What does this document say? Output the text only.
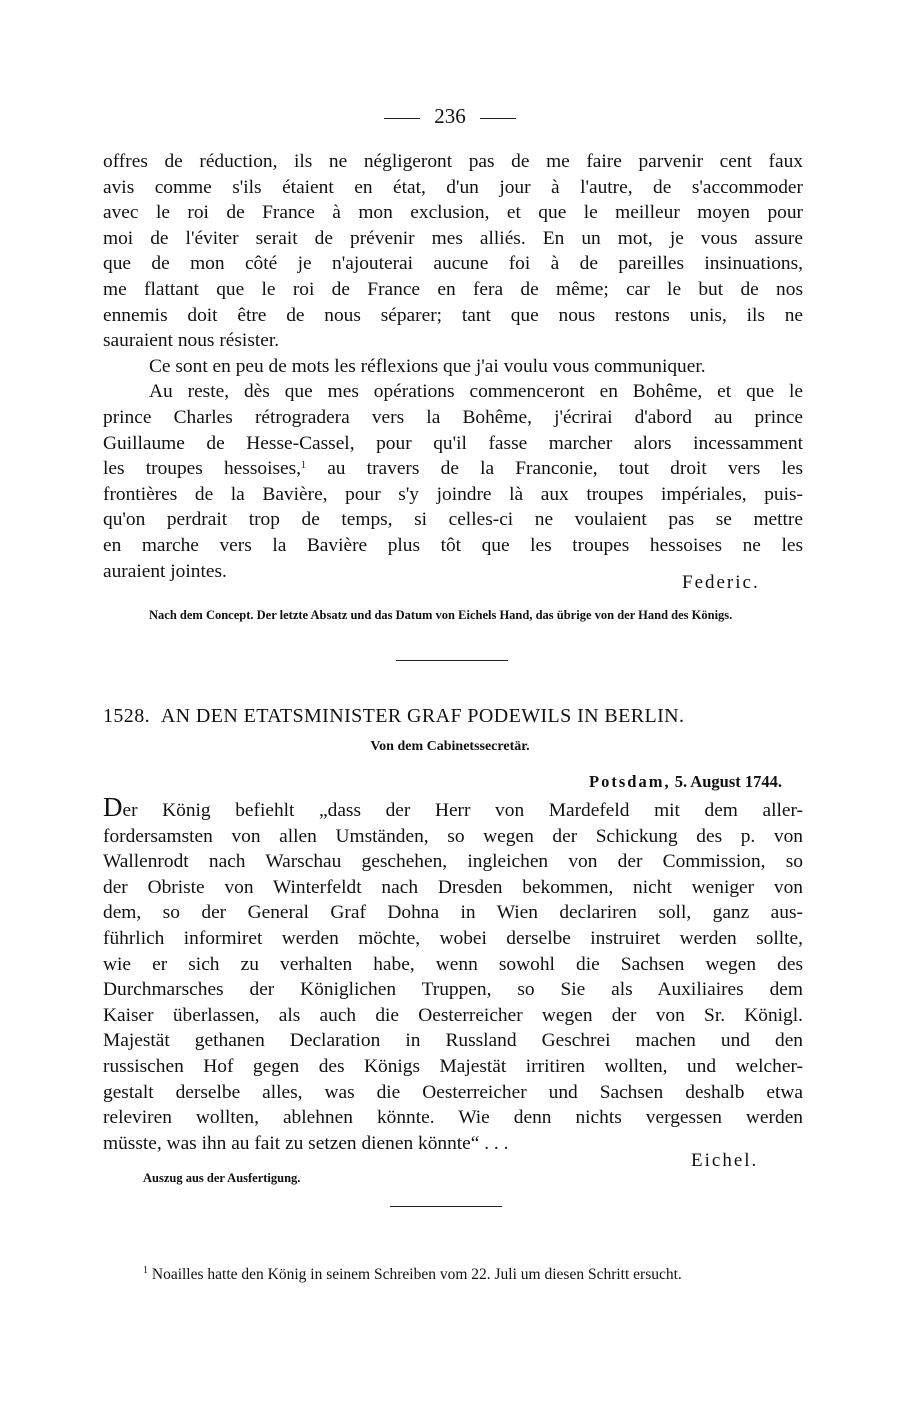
236
offres de réduction, ils ne négligeront pas de me faire parvenir cent faux
avis comme s'ils étaient en état, d'un jour à l'autre, de s'accommoder
avec le roi de France à mon exclusion, et que le meilleur moyen pour
moi de l'éviter serait de prévenir mes alliés. En un mot, je vous assure
que de mon côté je n'ajouterai aucune foi à de pareilles insinuations,
me flattant que le roi de France en fera de même; car le but de nos
ennemis doit être de nous séparer; tant que nous restons unis, ils ne
sauraient nous résister.
Ce sont en peu de mots les réflexions que j'ai voulu vous communiquer.
Au reste, dès que mes opérations commenceront en Bohême, et que le
prince Charles rétrogradera vers la Bohême, j'écrirai d'abord au prince
Guillaume de Hesse-Cassel, pour qu'il fasse marcher alors incessamment
les troupes hessoises,$^1$ au travers de la Franconie, tout droit vers les
frontières de la Bavière, pour s'y joindre là aux troupes impériales, puis-
qu'on perdrait trop de temps, si celles-ci ne voulaient pas se mettre
en marche vers la Bavière plus tôt que les troupes hessoises ne les
auraient jointes.
Federic.
Nach dem Concept. Der letzte Absatz und das Datum von Eichels Hand, das übrige von der Hand des Königs.
1528. AN DEN ETATSMINISTER GRAF PODEWILS IN BERLIN.
Von dem Cabinetssecretär.
Potsdam, 5. August 1744.
Der König befiehlt „dass der Herr von Mardefeld mit dem aller-
fordersamsten von allen Umständen, so wegen der Schickung des p. von
Wallenrodt nach Warschau geschehen, ingleichen von der Commission, so
der Obriste von Winterfeldt nach Dresden bekommen, nicht weniger von
dem, so der General Graf Dohna in Wien declariren soll, ganz aus-
führlich informiret werden möchte, wobei derselbe instruiret werden sollte,
wie er sich zu verhalten habe, wenn sowohl die Sachsen wegen des
Durchmarsches der Königlichen Truppen, so Sie als Auxiliaires dem
Kaiser überlassen, als auch die Oesterreicher wegen der von Sr. Königl.
Majestät gethanen Declaration in Russland Geschrei machen und den
russischen Hof gegen des Königs Majestät irritiren wollten, und welcher-
gestalt derselbe alles, was die Oesterreicher und Sachsen deshalb etwa
releviren wollten, ablehnen könnte. Wie denn nichts vergessen werden
müsste, was ihn au fait zu setzen dienen könnte“ . . .
Eichel.
Auszug aus der Ausfertigung.
$^1$ Noailles hatte den König in seinem Schreiben vom 22. Juli um diesen Schritt ersucht.
